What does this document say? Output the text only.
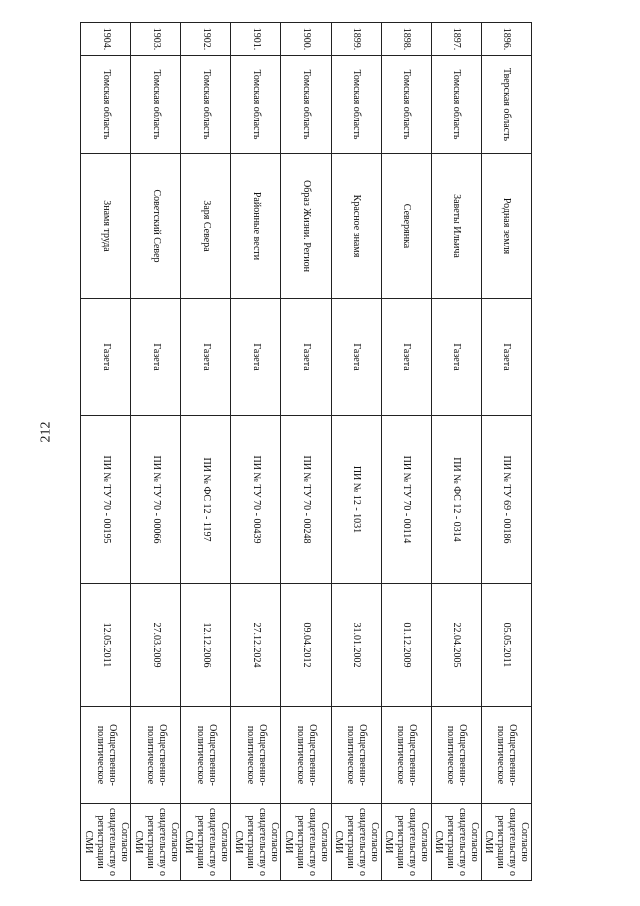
212
1896.	Тверская область	Родная земля	Газета	ПИ № ТУ 69 - 00186	05.05.2011	Общественно-политическое	Согласно свидетельству о регистрации СМИ
1897.	Томская область	Заветы Ильича	Газета	ПИ № ФС 12 - 0314	22.04.2005	Общественно-политическое	Согласно свидетельству о регистрации СМИ
1898.	Томская область	Северянка	Газета	ПИ № ТУ 70 - 00114	01.12.2009	Общественно-политическое	Согласно свидетельству о регистрации СМИ
1899.	Томская область	Красное знамя	Газета	ПИ № 12 - 1031	31.01.2002	Общественно-политическое	Согласно свидетельству о регистрации СМИ
1900.	Томская область	Образ Жизни. Регион	Газета	ПИ № ТУ 70 - 00248	09.04.2012	Общественно-политическое	Согласно свидетельству о регистрации СМИ
1901.	Томская область	Районные вести	Газета	ПИ № ТУ 70 - 00439	27.12.2024	Общественно-политическое	Согласно свидетельству о регистрации СМИ
1902.	Томская область	Заря Севера	Газета	ПИ № ФС 12 - 1197	12.12.2006	Общественно-политическое	Согласно свидетельству о регистрации СМИ
1903.	Томская область	Советский Север	Газета	ПИ № ТУ 70 - 00066	27.03.2009	Общественно-политическое	Согласно свидетельству о регистрации СМИ
1904.	Томская область	Знамя труда	Газета	ПИ № ТУ 70 - 00195	12.05.2011	Общественно-политическое	Согласно свидетельству о регистрации СМИ
